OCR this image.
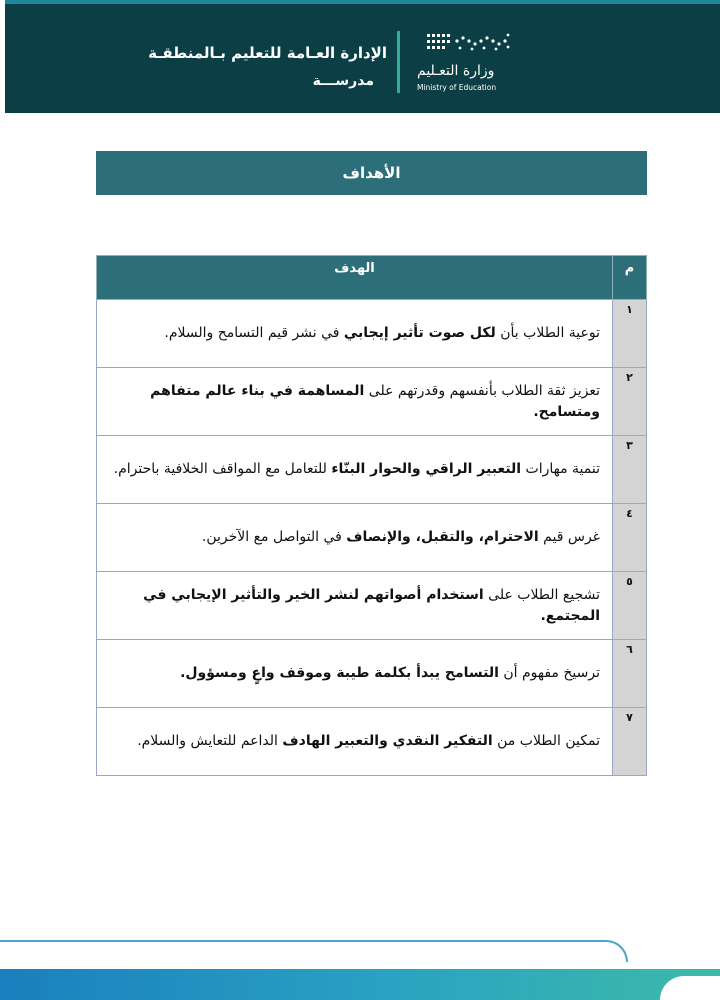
الإدارة العـامة للتعليم بـالمنطقـة
مدرســـة
وزارة التعـليم
Ministry of Education
الأهداف
م	الهدف
١	توعية الطلاب بأن لكل صوت تأثير إيجابي في نشر قيم التسامح والسلام.
٢	تعزيز ثقة الطلاب بأنفسهم وقدرتهم على المساهمة في بناء عالم متفاهم ومتسامح.
٣	تنمية مهارات التعبير الراقي والحوار البنّاء للتعامل مع المواقف الخلافية باحترام.
٤	غرس قيم الاحترام، والتقبل، والإنصاف في التواصل مع الآخرين.
٥	تشجيع الطلاب على استخدام أصواتهم لنشر الخير والتأثير الإيجابي في المجتمع.
٦	ترسيخ مفهوم أن التسامح يبدأ بكلمة طيبة وموقف واعٍ ومسؤول.
٧	تمكين الطلاب من التفكير النقدي والتعبير الهادف الداعم للتعايش والسلام.
